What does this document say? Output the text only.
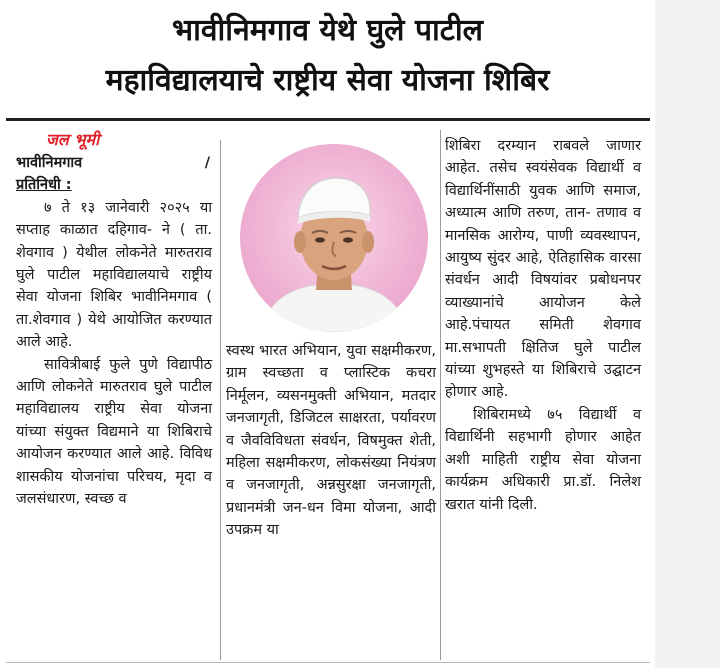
भावीनिमगाव येथे घुले पाटील
महाविद्यालयाचे राष्ट्रीय सेवा योजना शिबिर
जल भूमी
भावीनिमगाव	/

प्रतिनिधी :

७ ते १३ जानेवारी २०२५ या सप्ताह काळात दहिगाव- ने ( ता. शेवगाव ) येथील लोकनेते मारुतराव घुले पाटील महाविद्यालयाचे राष्ट्रीय सेवा योजना शिबिर भावीनिमगाव ( ता.शेवगाव ) येथे आयोजित करण्यात आले आहे.

सावित्रीबाई फुले पुणे विद्यापीठ आणि लोकनेते मारुतराव घुले पाटील महाविद्यालय राष्ट्रीय सेवा योजना यांच्या संयुक्त विद्यमाने या शिबिराचे आयोजन करण्यात आले आहे. विविध शासकीय योजनांचा परिचय, मृदा व जलसंधारण, स्वच्छ व

स्वस्थ भारत अभियान, युवा सक्षमीकरण, ग्राम स्वच्छता व प्लास्टिक कचरा निर्मूलन, व्यसनमुक्ती अभियान, मतदार जनजागृती, डिजिटल साक्षरता, पर्यावरण व जैवविविधता संवर्धन, विषमुक्त शेती, महिला सक्षमीकरण, लोकसंख्या नियंत्रण व जनजागृती, अन्नसुरक्षा जनजागृती, प्रधानमंत्री जन-धन विमा योजना, आदी उपक्रम या

शिबिरा दरम्यान राबवले जाणार आहेत. तसेच स्वयंसेवक विद्यार्थी व विद्यार्थिनींसाठी युवक आणि समाज, अध्यात्म आणि तरुण, तान- तणाव व मानसिक आरोग्य, पाणी व्यवस्थापन, आयुष्य सुंदर आहे, ऐतिहासिक वारसा संवर्धन आदी विषयांवर प्रबोधनपर व्याख्यानांचे आयोजन केले आहे.पंचायत समिती शेवगाव मा.सभापती क्षितिज घुले पाटील यांच्या शुभहस्ते या शिबिराचे उद्घाटन होणार आहे.

शिबिरामध्ये ७५ विद्यार्थी व विद्यार्थिनी सहभागी होणार आहेत अशी माहिती राष्ट्रीय सेवा योजना कार्यक्रम अधिकारी प्रा.डॉ. निलेश खरात यांनी दिली.
